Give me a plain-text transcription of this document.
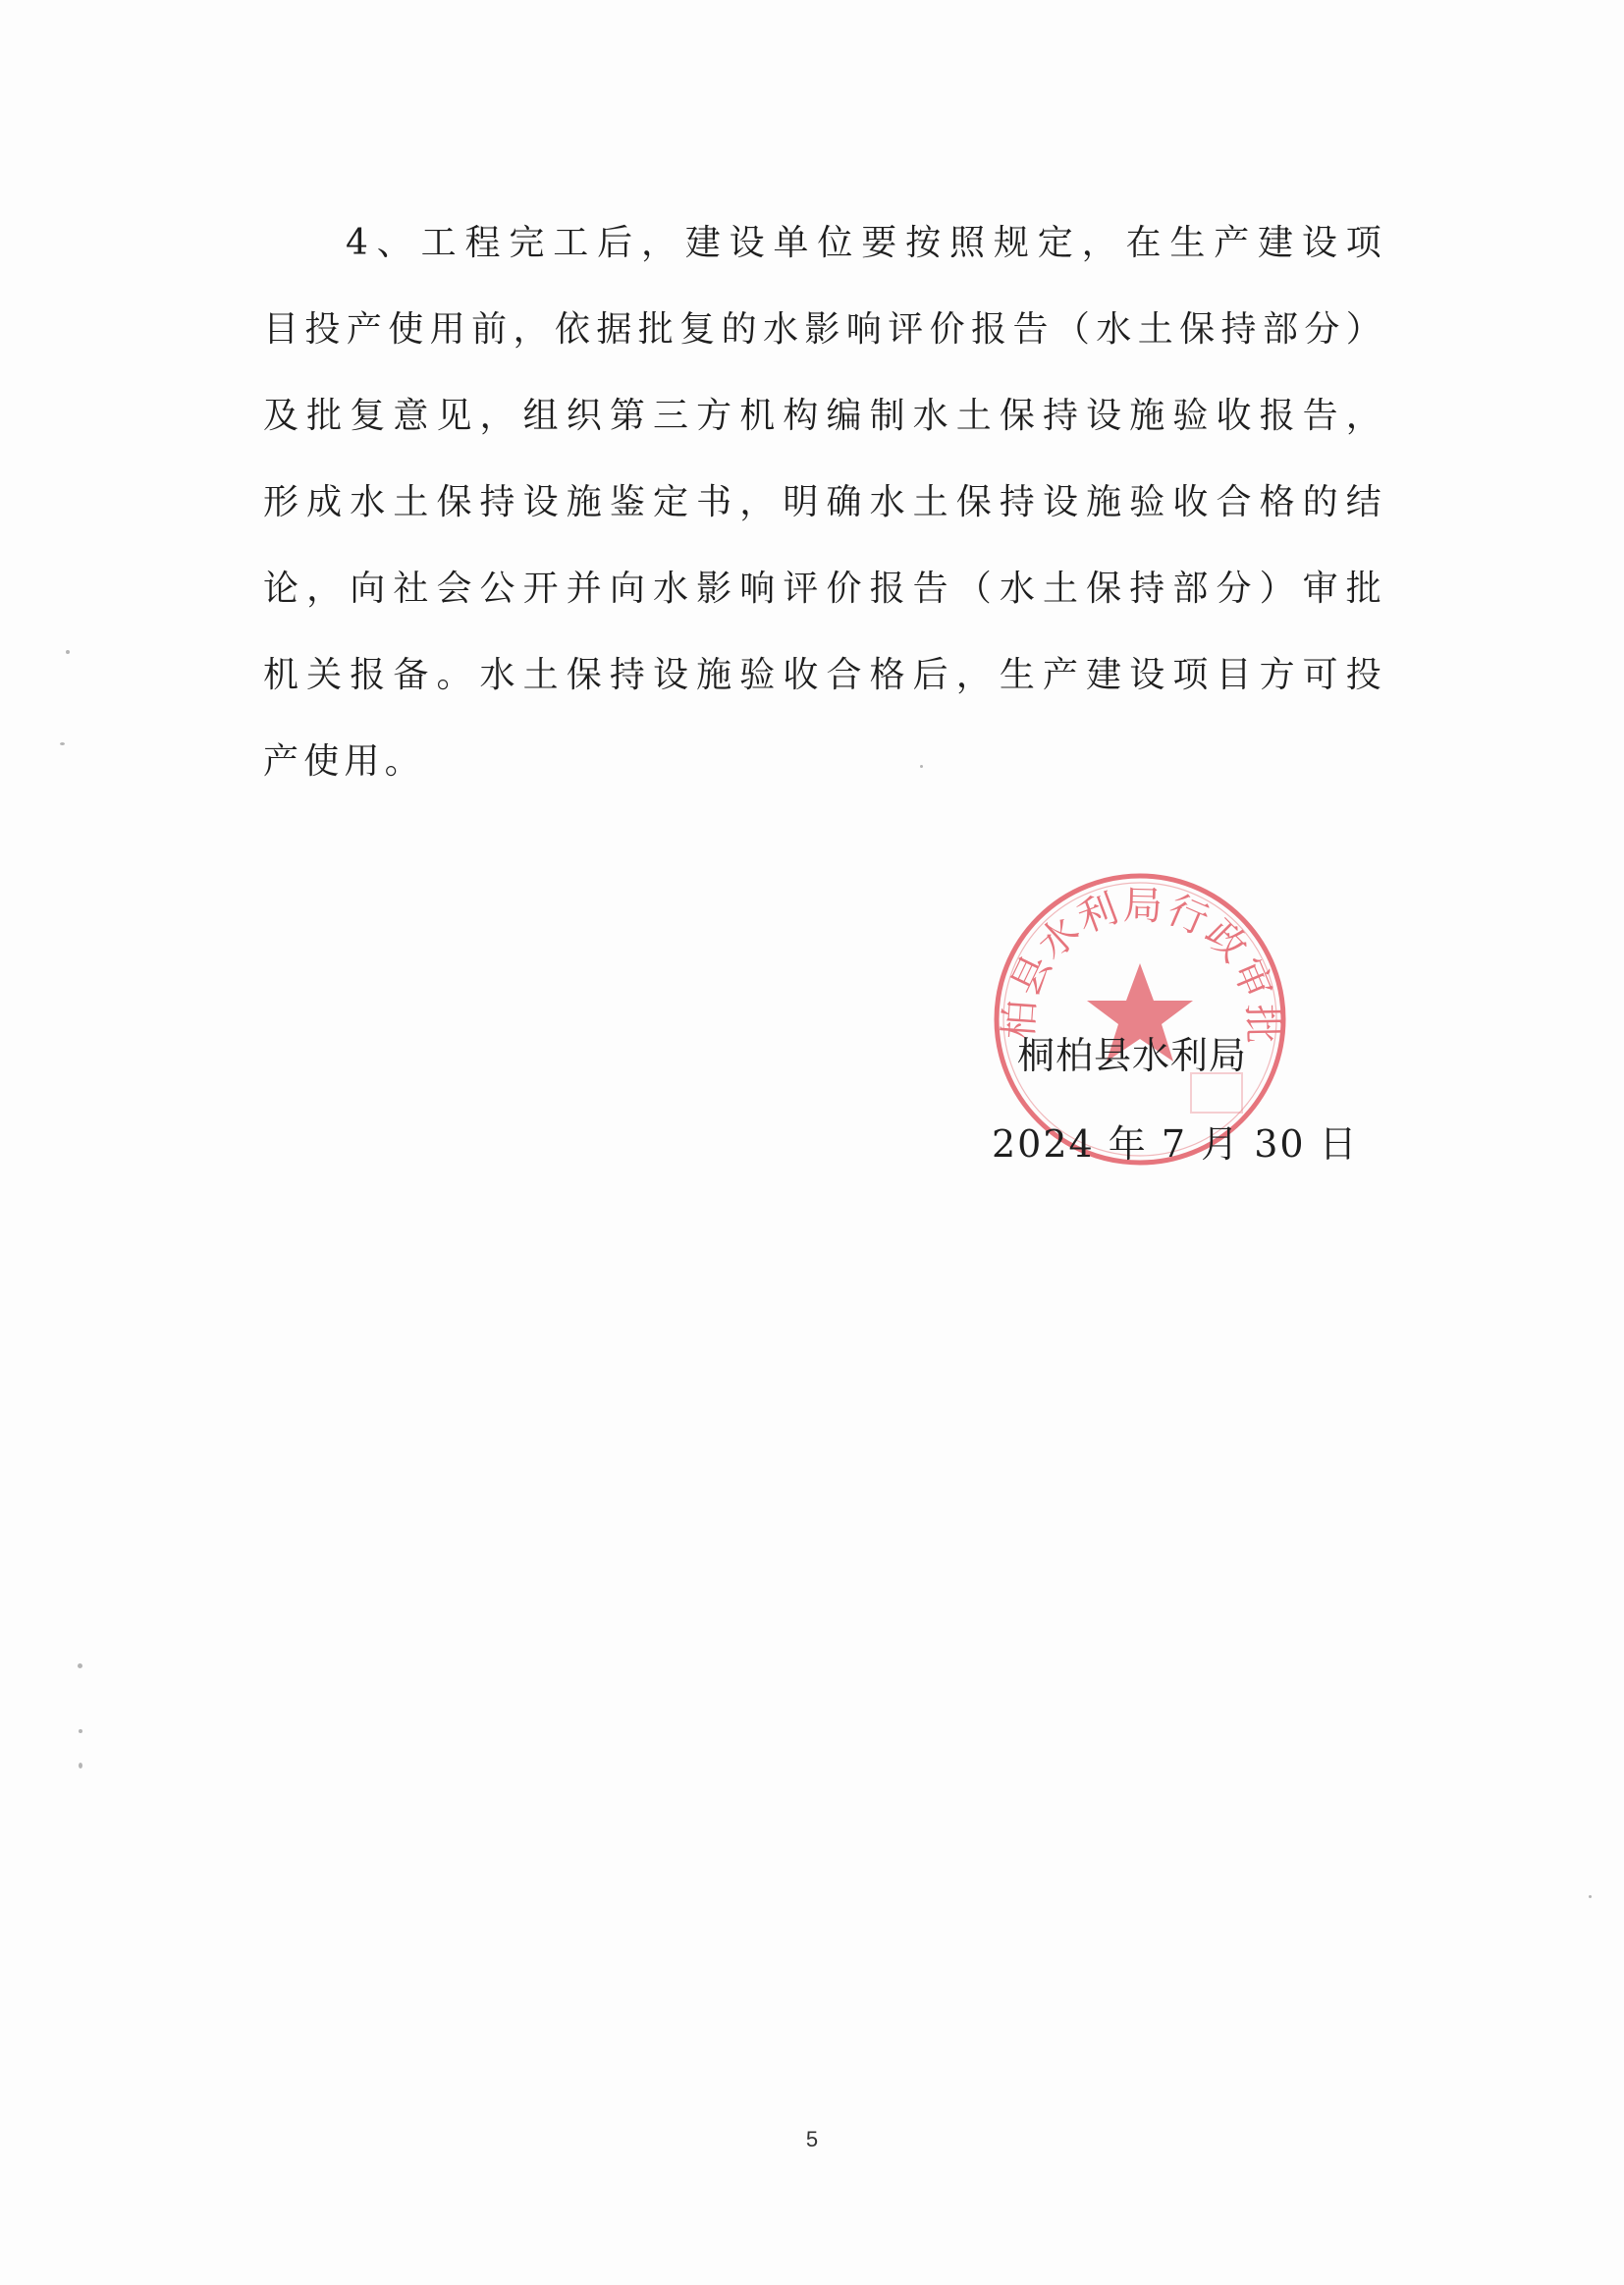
4、工程完工后，建设单位要按照规定，在生产建设项
目投产使用前，依据批复的水影响评价报告（水土保持部分）
及批复意见，组织第三方机构编制水土保持设施验收报告，
形成水土保持设施鉴定书，明确水土保持设施验收合格的结
论，向社会公开并向水影响评价报告（水土保持部分）审批
机关报备。水土保持设施验收合格后，生产建设项目方可投
产使用。
柏县水利局行政审批
桐柏县水利局
2024 年 7 月 30 日
5
